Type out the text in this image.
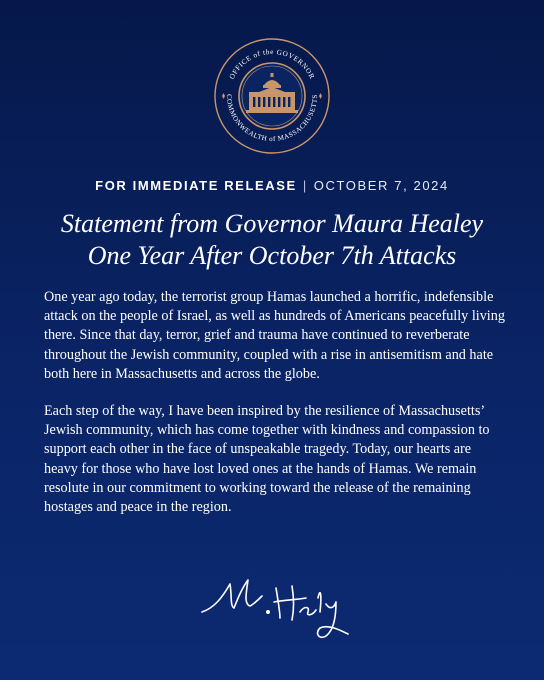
OFFICE of the GOVERNOR
COMMONWEALTH of MASSACHUSETTS
FOR IMMEDIATE RELEASE | OCTOBER 7, 2024
Statement from Governor Maura Healey
One Year After October 7th Attacks

One year ago today, the terrorist group Hamas launched a horrific, indefensible attack on the people of Israel, as well as hundreds of Americans peacefully living there. Since that day, terror, grief and trauma have continued to reverberate throughout the Jewish community, coupled with a rise in antisemitism and hate both here in Massachusetts and across the globe.

Each step of the way, I have been inspired by the resilience of Massachusetts’ Jewish community, which has come together with kindness and compassion to support each other in the face of unspeakable tragedy. Today, our hearts are heavy for those who have lost loved ones at the hands of Hamas. We remain resolute in our commitment to working toward the release of the remaining hostages and peace in the region.
